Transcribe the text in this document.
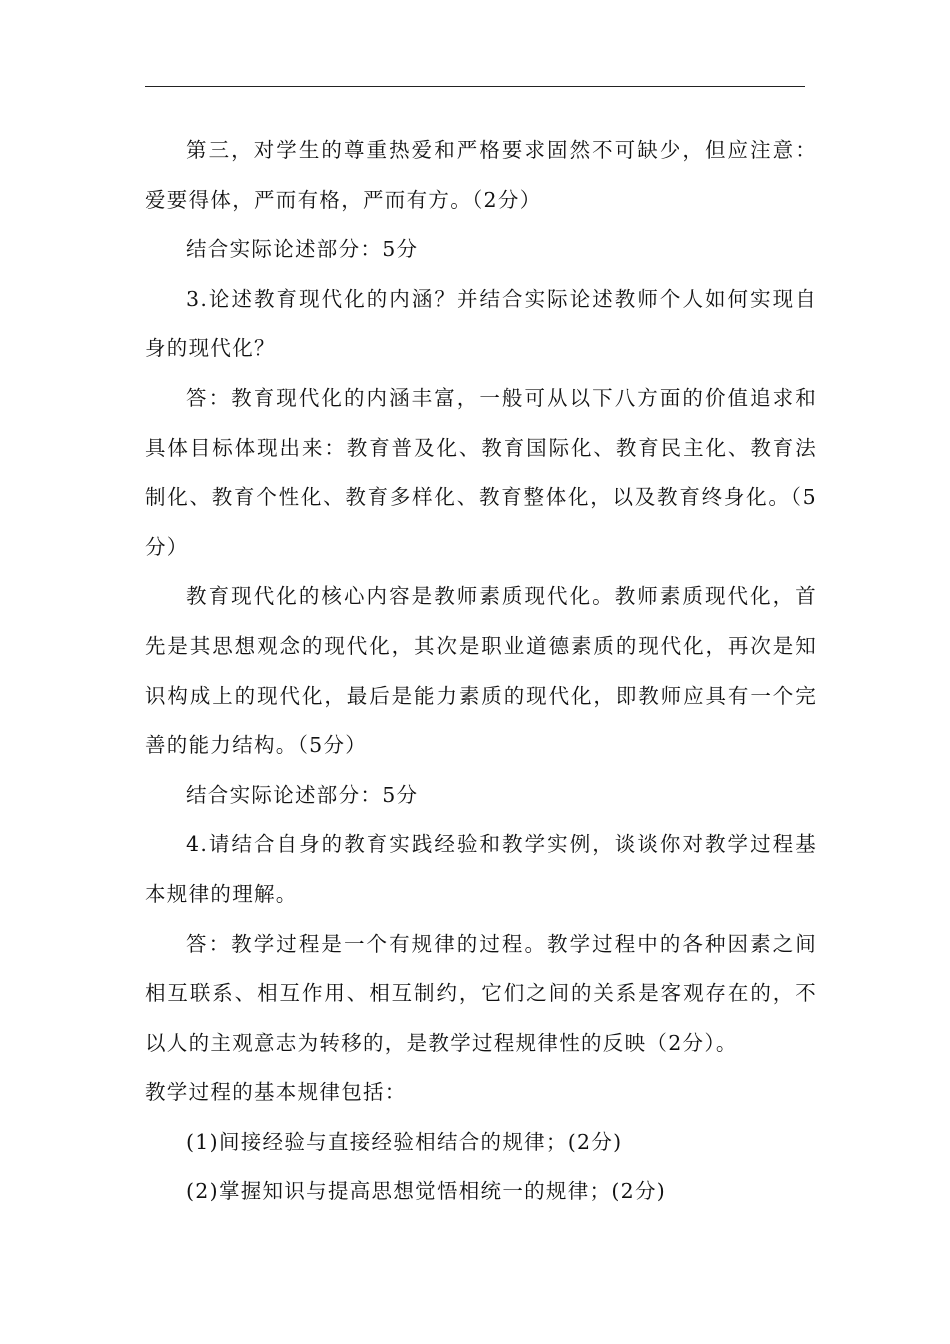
第三，对学生的尊重热爱和严格要求固然不可缺少，但应注意：爱要得体，严而有格，严而有方。（2分）

结合实际论述部分：5分

3.论述教育现代化的内涵？并结合实际论述教师个人如何实现自身的现代化？

答：教育现代化的内涵丰富，一般可从以下八方面的价值追求和具体目标体现出来：教育普及化、教育国际化、教育民主化、教育法制化、教育个性化、教育多样化、教育整体化，以及教育终身化。（5分）

教育现代化的核心内容是教师素质现代化。教师素质现代化，首先是其思想观念的现代化，其次是职业道德素质的现代化，再次是知识构成上的现代化，最后是能力素质的现代化，即教师应具有一个完善的能力结构。（5分）

结合实际论述部分：5分

4.请结合自身的教育实践经验和教学实例，谈谈你对教学过程基本规律的理解。

答：教学过程是一个有规律的过程。教学过程中的各种因素之间相互联系、相互作用、相互制约，它们之间的关系是客观存在的，不以人的主观意志为转移的，是教学过程规律性的反映（2分）。

教学过程的基本规律包括：

(1)间接经验与直接经验相结合的规律；(2分)

(2)掌握知识与提高思想觉悟相统一的规律；(2分)
